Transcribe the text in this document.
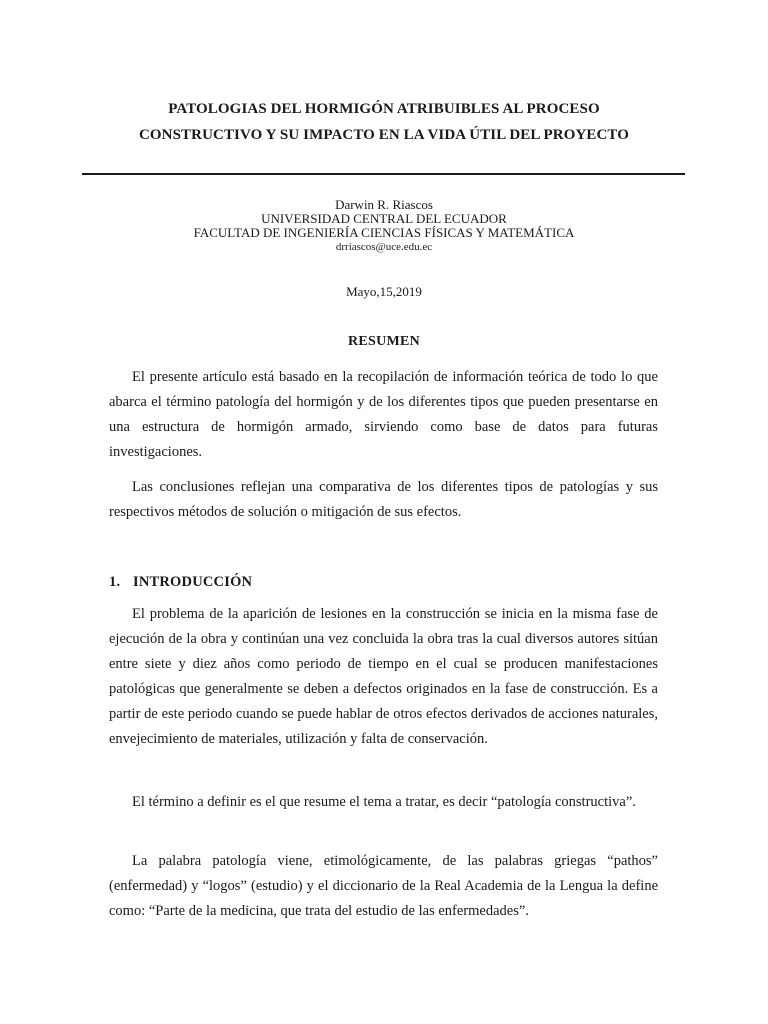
PATOLOGIAS DEL HORMIGÓN ATRIBUIBLES AL PROCESO
CONSTRUCTIVO Y SU IMPACTO EN LA VIDA ÚTIL DEL PROYECTO
Darwin R. Riascos
UNIVERSIDAD CENTRAL DEL ECUADOR
FACULTAD DE INGENIERÍA CIENCIAS FÍSICAS Y MATEMÁTICA
drriascos@uce.edu.ec
Mayo,15,2019
RESUMEN

El presente artículo está basado en la recopilación de información teórica de todo lo que abarca el término patología del hormigón y de los diferentes tipos que pueden presentarse en una estructura de hormigón armado, sirviendo como base de datos para futuras investigaciones.

Las conclusiones reflejan una comparativa de los diferentes tipos de patologías y sus respectivos métodos de solución o mitigación de sus efectos.

1. INTRODUCCIÓN

El problema de la aparición de lesiones en la construcción se inicia en la misma fase de ejecución de la obra y continúan una vez concluida la obra tras la cual diversos autores sitúan entre siete y diez años como periodo de tiempo en el cual se producen manifestaciones patológicas que generalmente se deben a defectos originados en la fase de construcción. Es a partir de este periodo cuando se puede hablar de otros efectos derivados de acciones naturales, envejecimiento de materiales, utilización y falta de conservación.

El término a definir es el que resume el tema a tratar, es decir “patología constructiva”.

La palabra patología viene, etimológicamente, de las palabras griegas “pathos” (enfermedad) y “logos” (estudio) y el diccionario de la Real Academia de la Lengua la define como: “Parte de la medicina, que trata del estudio de las enfermedades”.
